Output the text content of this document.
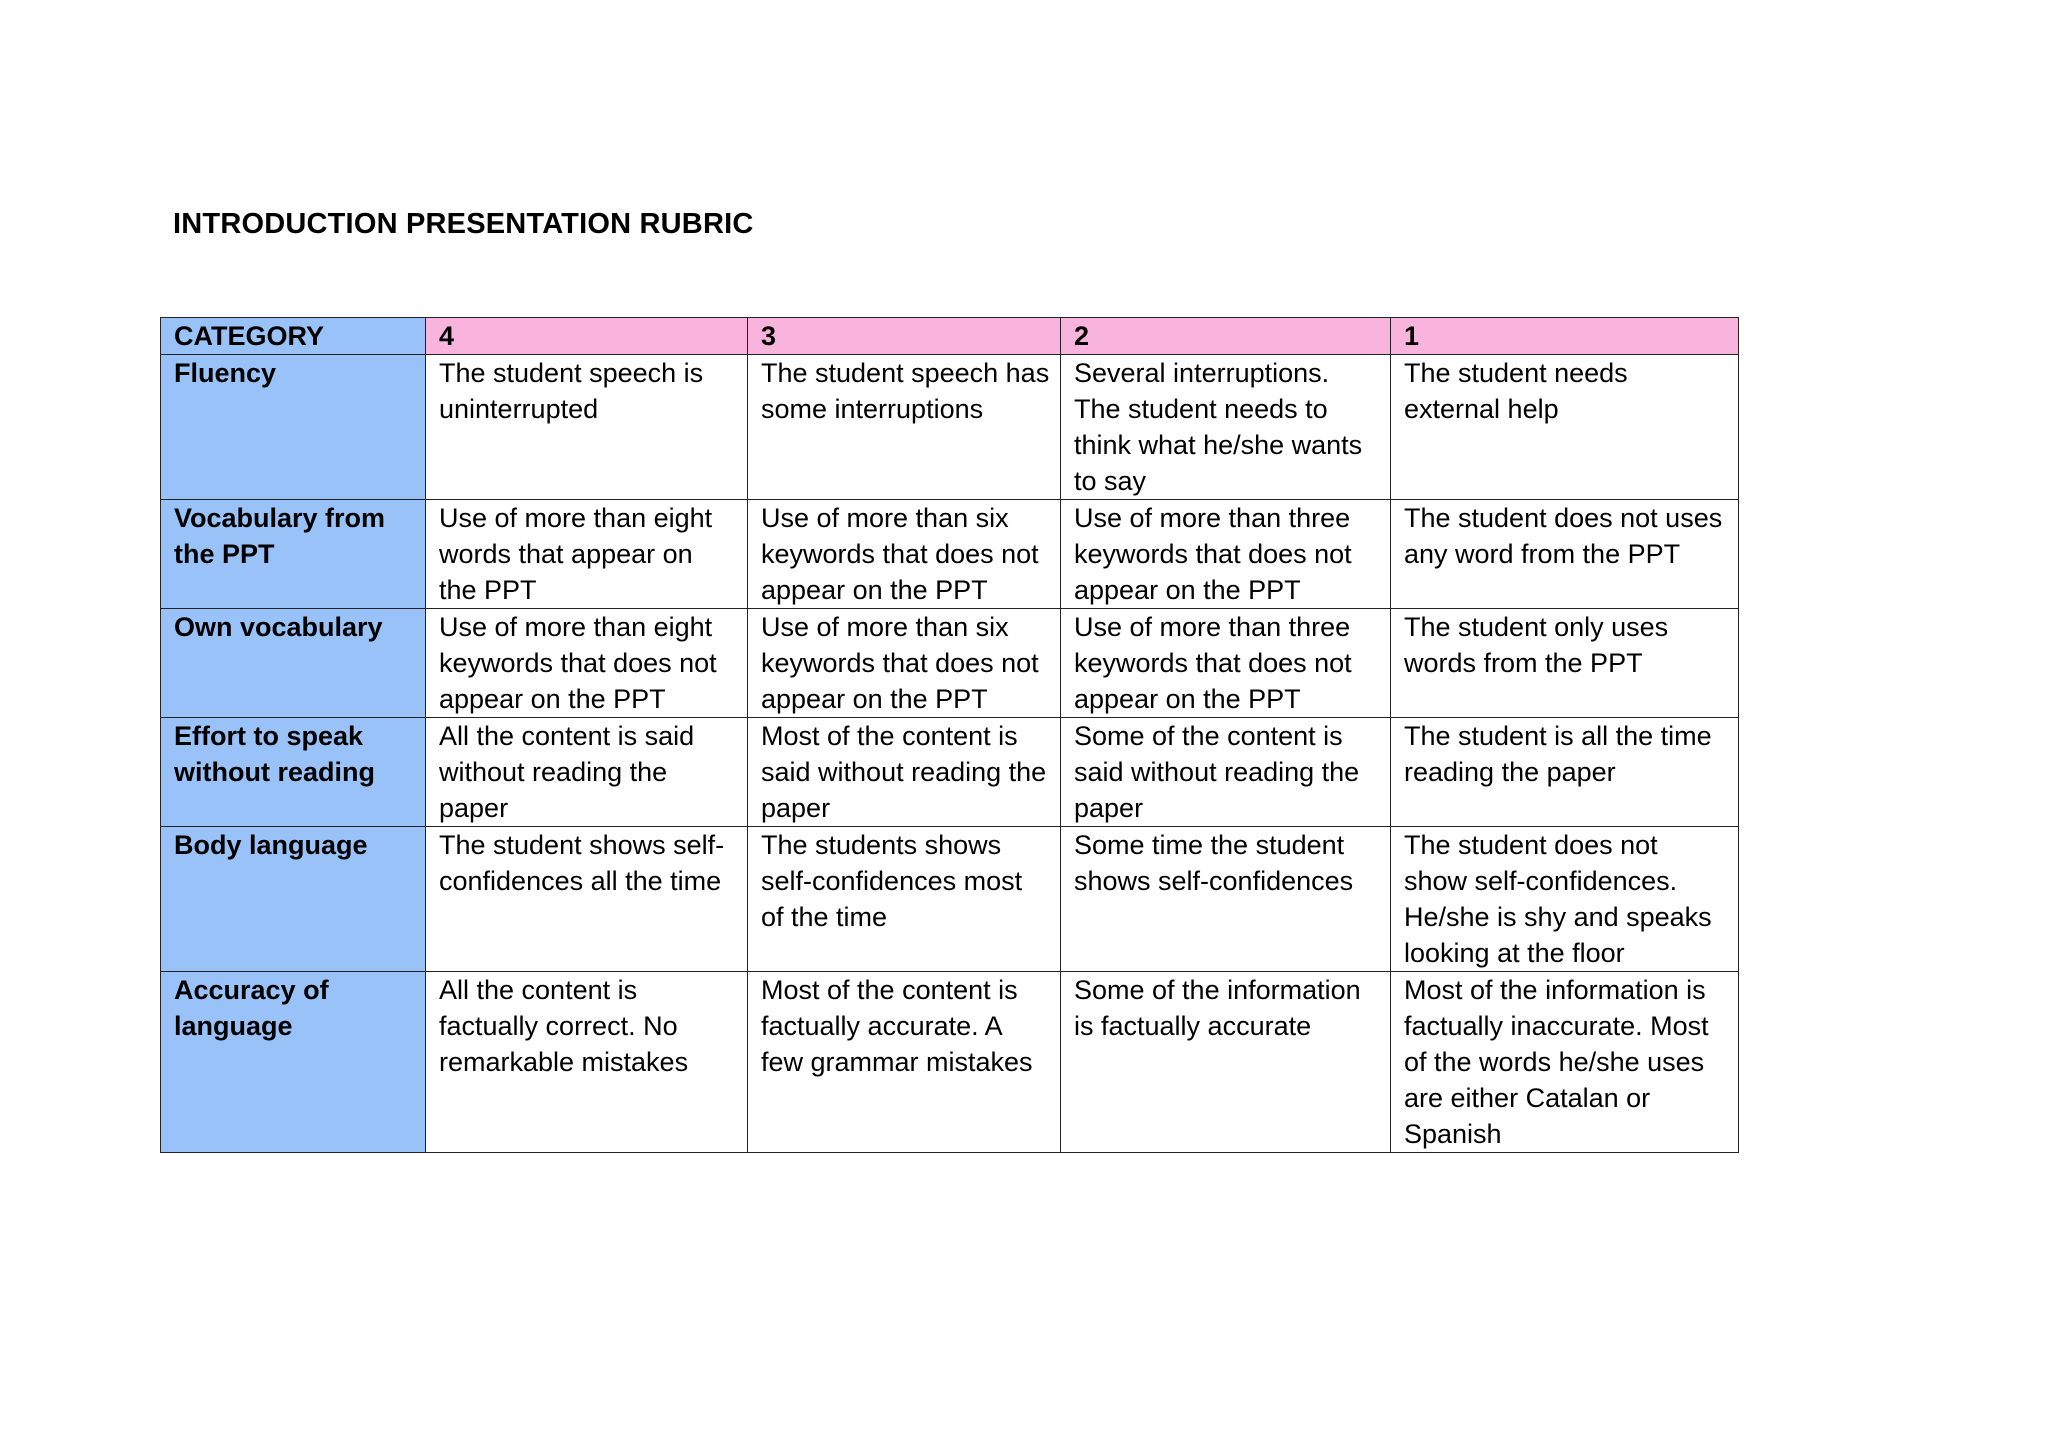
INTRODUCTION PRESENTATION RUBRIC
CATEGORY	4	3	2	1
Fluency	The student speech is uninterrupted	The student speech has some interruptions	Several interruptions. The student needs to think what he/she wants to say	The student needs external help
Vocabulary from the PPT	Use of more than eight words that appear on the PPT	Use of more than six keywords that does not appear on the PPT	Use of more than three keywords that does not appear on the PPT	The student does not uses any word from the PPT
Own vocabulary	Use of more than eight keywords that does not appear on the PPT	Use of more than six keywords that does not appear on the PPT	Use of more than three keywords that does not appear on the PPT	The student only uses words from the PPT
Effort to speak without reading	All the content is said without reading the paper	Most of the content is said without reading the paper	Some of the content is said without reading the paper	The student is all the time reading the paper
Body language	The student shows self-confidences all the time	The students shows self-confidences most of the time	Some time the student shows self-confidences	The student does not show self-confidences. He/she is shy and speaks looking at the floor
Accuracy of language	All the content is factually correct. No remarkable mistakes	Most of the content is factually accurate. A few grammar mistakes	Some of the information is factually accurate	Most of the information is factually inaccurate. Most of the words he/she uses are either Catalan or Spanish
